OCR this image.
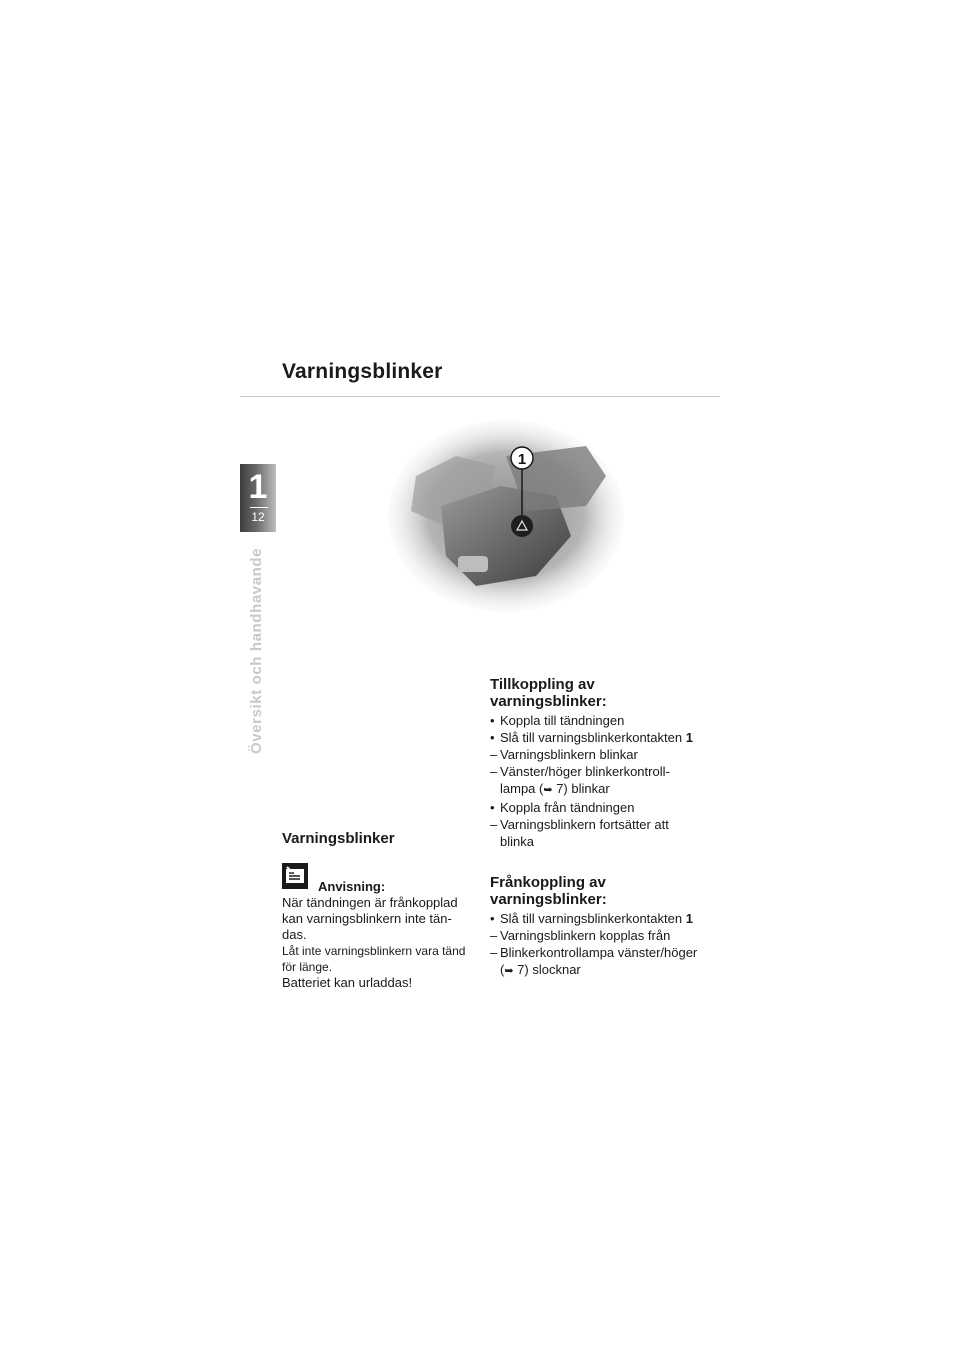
Varningsblinker
1
12
Översikt och handhavande
1
Varningsblinker
Anvisning:

När tändningen är frånkopplad kan varningsblinkern inte tän-das.

Låt inte varningsblinkern vara tänd för länge.

Batteriet kan urladdas!

Tillkoppling av varningsblinker:
• Koppla till tändningen
• Slå till varningsblinkerkontakten 1
– Varningsblinkern blinkar
– Vänster/höger blinkerkontroll-lampa (➥ 7) blinkar
• Koppla från tändningen
– Varningsblinkern fortsätter att blinka
Frånkoppling av varningsblinker:
• Slå till varningsblinkerkontakten 1
– Varningsblinkern kopplas från
– Blinkerkontrollampa vänster/höger (➥ 7) slocknar
